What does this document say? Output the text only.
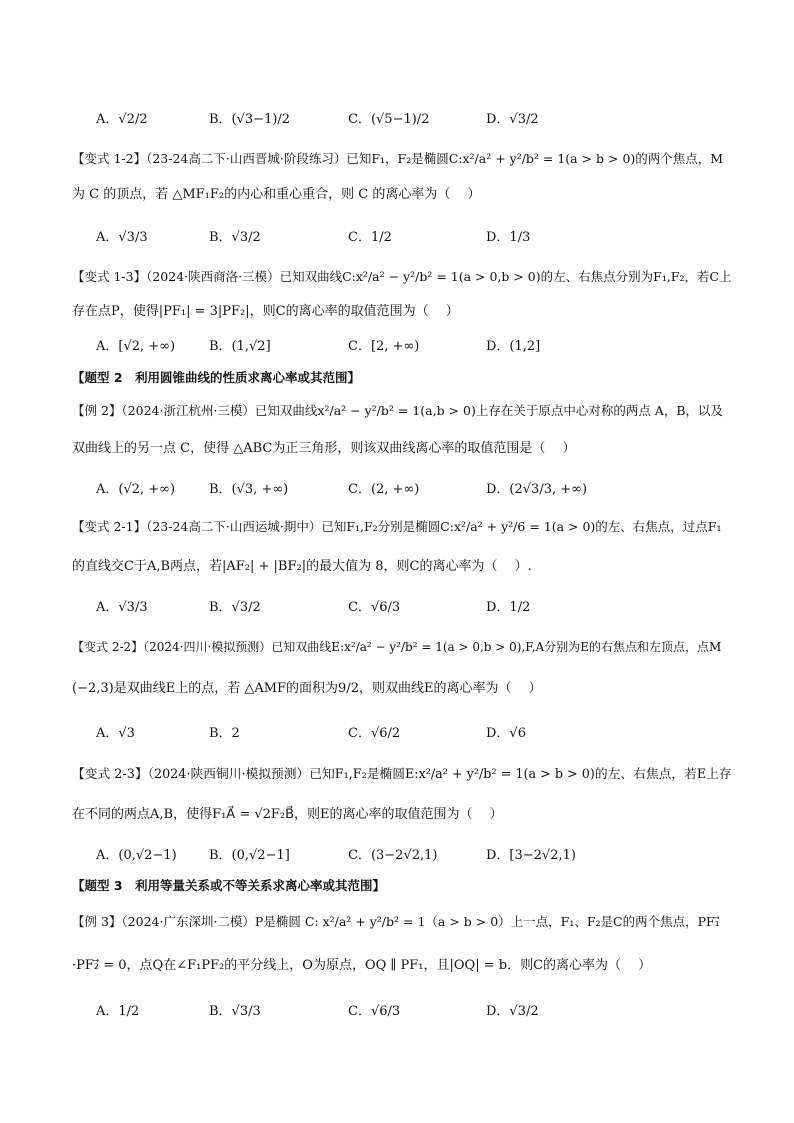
A．√2/2	B．(√3−1)/2	C．(√5−1)/2	D．√3/2
【变式 1-2】（23-24高二下·山西晋城·阶段练习）已知F₁，F₂是椭圆C:x²/a² + y²/b² = 1(a > b > 0)的两个焦点，M
为 C 的顶点，若 △MF₁F₂的内心和重心重合，则 C 的离心率为（　 ）
A．√3/3	B．√3/2	C．1/2	D．1/3
【变式 1-3】（2024·陕西商洛·三模）已知双曲线C:x²/a² − y²/b² = 1(a > 0,b > 0)的左、右焦点分别为F₁,F₂，若C上
存在点P，使得|PF₁| = 3|PF₂|，则C的离心率的取值范围为（　 ）
A．[√2, +∞)	B．(1,√2]	C．[2, +∞)	D．(1,2]
【题型 2　利用圆锥曲线的性质求离心率或其范围】
【例 2】（2024·浙江杭州·三模）已知双曲线x²/a² − y²/b² = 1(a,b > 0)上存在关于原点中心对称的两点 A，B，以及
双曲线上的另一点 C，使得 △ABC为正三角形，则该双曲线离心率的取值范围是（　 ）
A．(√2, +∞)	B．(√3, +∞)	C．(2, +∞)	D．(2√3/3, +∞)
【变式 2-1】（23-24高二下·山西运城·期中）已知F₁,F₂分别是椭圆C:x²/a² + y²/6 = 1(a > 0)的左、右焦点，过点F₁
的直线交C于A,B两点，若|AF₂| + |BF₂|的最大值为 8，则C的离心率为（　 ）.
A．√3/3	B．√3/2	C．√6/3	D．1/2
【变式 2-2】（2024·四川·模拟预测）已知双曲线E:x²/a² − y²/b² = 1(a > 0,b > 0),F,A分别为E的右焦点和左顶点，点M
(−2,3)是双曲线E上的点，若 △AMF的面积为9/2，则双曲线E的离心率为（　 ）
A．√3	B．2	C．√6/2	D．√6
【变式 2-3】（2024·陕西铜川·模拟预测）已知F₁,F₂是椭圆E:x²/a² + y²/b² = 1(a > b > 0)的左、右焦点，若E上存
在不同的两点A,B，使得F₁A⃗ = √2F₂B⃗，则E的离心率的取值范围为（　 ）
A．(0,√2−1) B．(0,√2−1]	C．(3−2√2,1)	D．[3−2√2,1)
【题型 3　利用等量关系或不等关系求离心率或其范围】
【例 3】（2024·广东深圳·二模）P是椭圆 C: x²/a² + y²/b² = 1（a > b > 0）上一点，F₁、F₂是C的两个焦点，PF₁⃗
·PF₂⃗ = 0，点Q在∠F₁PF₂的平分线上，O为原点，OQ ∥ PF₁，且|OQ| = b．则C的离心率为（　 ）
A．1/2	B．√3/3	C．√6/3	D．√3/2
